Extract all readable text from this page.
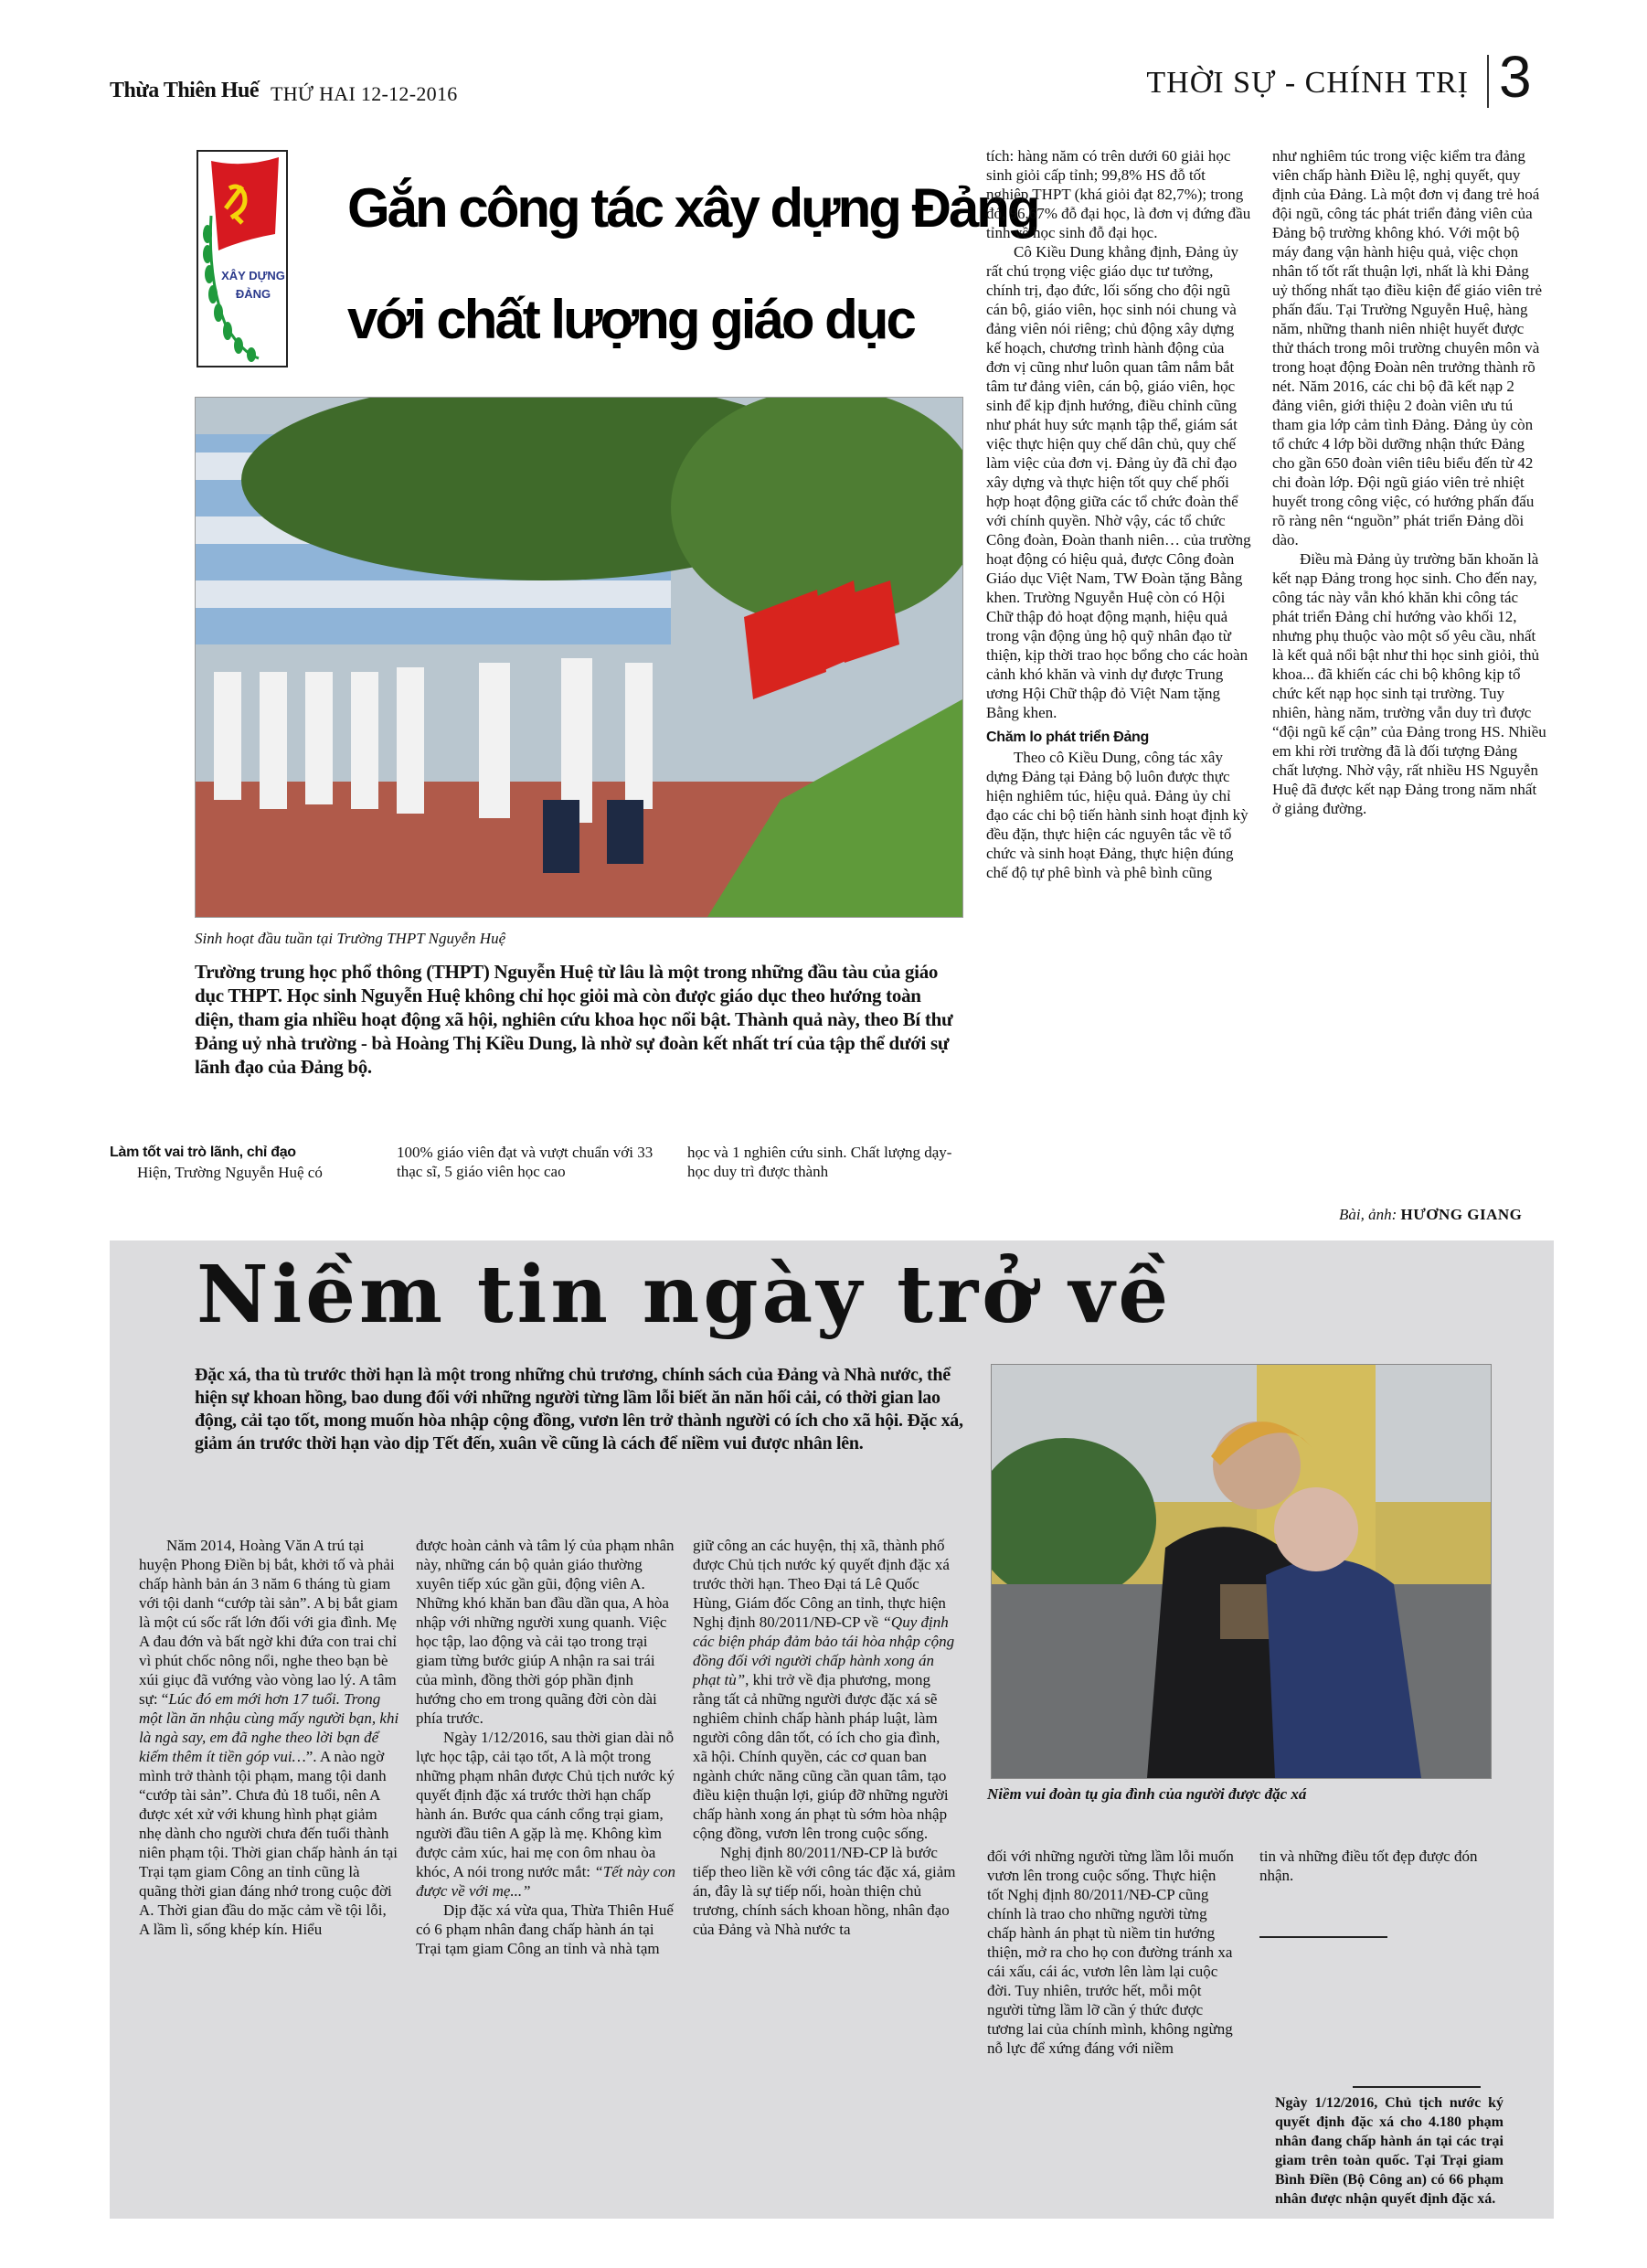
Thừa Thiên Huế THỨ HAI 12-12-2016	THỜI SỰ - CHÍNH TRỊ 3
XÂY DỰNG
ĐẢNG
Gắn công tác xây dựng Đảng
với chất lượng giáo dục
Sinh hoạt đầu tuần tại Trường THPT Nguyễn Huệ
Trường trung học phổ thông (THPT) Nguyễn Huệ từ lâu là một trong những đầu tàu của giáo dục THPT. Học sinh Nguyễn Huệ không chỉ học giỏi mà còn được giáo dục theo hướng toàn diện, tham gia nhiều hoạt động xã hội, nghiên cứu khoa học nổi bật. Thành quả này, theo Bí thư Đảng uỷ nhà trường - bà Hoàng Thị Kiều Dung, là nhờ sự đoàn kết nhất trí của tập thể dưới sự lãnh đạo của Đảng bộ.
Làm tốt vai trò lãnh, chỉ đạo

Hiện, Trường Nguyễn Huệ có

100% giáo viên đạt và vượt chuẩn với 33 thạc sĩ, 5 giáo viên học cao

học và 1 nghiên cứu sinh. Chất lượng dạy- học duy trì được thành

tích: hàng năm có trên dưới 60 giải học sinh giỏi cấp tỉnh; 99,8% HS đỗ tốt nghiệp THPT (khá giỏi đạt 82,7%); trong đó, 96,67% đỗ đại học, là đơn vị đứng đầu tỉnh về học sinh đỗ đại học.

Cô Kiều Dung khẳng định, Đảng ủy rất chú trọng việc giáo dục tư tưởng, chính trị, đạo đức, lối sống cho đội ngũ cán bộ, giáo viên, học sinh nói chung và đảng viên nói riêng; chủ động xây dựng kế hoạch, chương trình hành động của đơn vị cũng như luôn quan tâm nắm bắt tâm tư đảng viên, cán bộ, giáo viên, học sinh để kịp định hướng, điều chỉnh cũng như phát huy sức mạnh tập thể, giám sát việc thực hiện quy chế dân chủ, quy chế làm việc của đơn vị. Đảng ủy đã chỉ đạo xây dựng và thực hiện tốt quy chế phối hợp hoạt động giữa các tổ chức đoàn thể với chính quyền. Nhờ vậy, các tổ chức Công đoàn, Đoàn thanh niên… của trường hoạt động có hiệu quả, được Công đoàn Giáo dục Việt Nam, TW Đoàn tặng Bằng khen. Trường Nguyễn Huệ còn có Hội Chữ thập đỏ hoạt động mạnh, hiệu quả trong vận động ủng hộ quỹ nhân đạo từ thiện, kịp thời trao học bổng cho các hoàn cảnh khó khăn và vinh dự được Trung ương Hội Chữ thập đỏ Việt Nam tặng Bằng khen.

Chăm lo phát triển Đảng

Theo cô Kiều Dung, công tác xây dựng Đảng tại Đảng bộ luôn được thực hiện nghiêm túc, hiệu quả. Đảng ủy chỉ đạo các chi bộ tiến hành sinh hoạt định kỳ đều đặn, thực hiện các nguyên tắc về tổ chức và sinh hoạt Đảng, thực hiện đúng chế độ tự phê bình và phê bình cũng

như nghiêm túc trong việc kiểm tra đảng viên chấp hành Điều lệ, nghị quyết, quy định của Đảng. Là một đơn vị đang trẻ hoá đội ngũ, công tác phát triển đảng viên của Đảng bộ trường không khó. Với một bộ máy đang vận hành hiệu quả, việc chọn nhân tố tốt rất thuận lợi, nhất là khi Đảng uỷ thống nhất tạo điều kiện để giáo viên trẻ phấn đấu. Tại Trường Nguyễn Huệ, hàng năm, những thanh niên nhiệt huyết được thử thách trong môi trường chuyên môn và trong hoạt động Đoàn nên trưởng thành rõ nét. Năm 2016, các chi bộ đã kết nạp 2 đảng viên, giới thiệu 2 đoàn viên ưu tú tham gia lớp cảm tình Đảng. Đảng ủy còn tổ chức 4 lớp bồi dưỡng nhận thức Đảng cho gần 650 đoàn viên tiêu biểu đến từ 42 chi đoàn lớp. Đội ngũ giáo viên trẻ nhiệt huyết trong công việc, có hướng phấn đấu rõ ràng nên “nguồn” phát triển Đảng dồi dào.

Điều mà Đảng ủy trường băn khoăn là kết nạp Đảng trong học sinh. Cho đến nay, công tác này vẫn khó khăn khi công tác phát triển Đảng chỉ hướng vào khối 12, nhưng phụ thuộc vào một số yêu cầu, nhất là kết quả nổi bật như thi học sinh giỏi, thủ khoa... đã khiến các chi bộ không kịp tổ chức kết nạp học sinh tại trường. Tuy nhiên, hàng năm, trường vẫn duy trì được “đội ngũ kế cận” của Đảng trong HS. Nhiều em khi rời trường đã là đối tượng Đảng chất lượng. Nhờ vậy, rất nhiều HS Nguyễn Huệ đã được kết nạp Đảng trong năm nhất ở giảng đường.

Bài, ảnh: HƯƠNG GIANG
Niềm tin ngày trở về
Đặc xá, tha tù trước thời hạn là một trong những chủ trương, chính sách của Đảng và Nhà nước, thể hiện sự khoan hồng, bao dung đối với những người từng lầm lỗi biết ăn năn hối cải, có thời gian lao động, cải tạo tốt, mong muốn hòa nhập cộng đồng, vươn lên trở thành người có ích cho xã hội. Đặc xá, giảm án trước thời hạn vào dịp Tết đến, xuân về cũng là cách để niềm vui được nhân lên.
Niềm vui đoàn tụ gia đình của người được đặc xá

Năm 2014, Hoàng Văn A trú tại huyện Phong Điền bị bắt, khởi tố và phải chấp hành bản án 3 năm 6 tháng tù giam với tội danh “cướp tài sản”. A bị bắt giam là một cú sốc rất lớn đối với gia đình. Mẹ A đau đớn và bất ngờ khi đứa con trai chỉ vì phút chốc nông nổi, nghe theo bạn bè xúi giục đã vướng vào vòng lao lý. A tâm sự: “Lúc đó em mới hơn 17 tuổi. Trong một lần ăn nhậu cùng mấy người bạn, khi là ngà say, em đã nghe theo lời bạn để kiếm thêm ít tiền góp vui…”. A nào ngờ mình trở thành tội phạm, mang tội danh “cướp tài sản”. Chưa đủ 18 tuổi, nên A được xét xử với khung hình phạt giảm nhẹ dành cho người chưa đến tuổi thành niên phạm tội. Thời gian chấp hành án tại Trại tạm giam Công an tỉnh cũng là quãng thời gian đáng nhớ trong cuộc đời A. Thời gian đầu do mặc cảm về tội lỗi, A lầm lì, sống khép kín. Hiểu

được hoàn cảnh và tâm lý của phạm nhân này, những cán bộ quản giáo thường xuyên tiếp xúc gần gũi, động viên A. Những khó khăn ban đầu dần qua, A hòa nhập với những người xung quanh. Việc học tập, lao động và cải tạo trong trại giam từng bước giúp A nhận ra sai trái của mình, đồng thời góp phần định hướng cho em trong quãng đời còn dài phía trước.

Ngày 1/12/2016, sau thời gian dài nỗ lực học tập, cải tạo tốt, A là một trong những phạm nhân được Chủ tịch nước ký quyết định đặc xá trước thời hạn chấp hành án. Bước qua cánh cổng trại giam, người đầu tiên A gặp là mẹ. Không kìm được cảm xúc, hai mẹ con ôm nhau òa khóc, A nói trong nước mắt: “Tết này con được về với mẹ...”

Dịp đặc xá vừa qua, Thừa Thiên Huế có 6 phạm nhân đang chấp hành án tại Trại tạm giam Công an tỉnh và nhà tạm

giữ công an các huyện, thị xã, thành phố được Chủ tịch nước ký quyết định đặc xá trước thời hạn. Theo Đại tá Lê Quốc Hùng, Giám đốc Công an tỉnh, thực hiện Nghị định 80/2011/NĐ-CP về “Quy định các biện pháp đảm bảo tái hòa nhập cộng đồng đối với người chấp hành xong án phạt tù”, khi trở về địa phương, mong rằng tất cả những người được đặc xá sẽ nghiêm chỉnh chấp hành pháp luật, làm người công dân tốt, có ích cho gia đình, xã hội. Chính quyền, các cơ quan ban ngành chức năng cũng cần quan tâm, tạo điều kiện thuận lợi, giúp đỡ những người chấp hành xong án phạt tù sớm hòa nhập cộng đồng, vươn lên trong cuộc sống.

Nghị định 80/2011/NĐ-CP là bước tiếp theo liền kề với công tác đặc xá, giảm án, đây là sự tiếp nối, hoàn thiện chủ trương, chính sách khoan hồng, nhân đạo của Đảng và Nhà nước ta

đối với những người từng lầm lỗi muốn vươn lên trong cuộc sống. Thực hiện tốt Nghị định 80/2011/NĐ-CP cũng chính là trao cho những người từng chấp hành án phạt tù niềm tin hướng thiện, mở ra cho họ con đường tránh xa cái xấu, cái ác, vươn lên làm lại cuộc đời. Tuy nhiên, trước hết, mỗi một người từng lầm lỡ cần ý thức được tương lai của chính mình, không ngừng nỗ lực để xứng đáng với niềm

tin và những điều tốt đẹp được đón nhận.

Ngày 1/12/2016, Chủ tịch nước ký quyết định đặc xá cho 4.180 phạm nhân đang chấp hành án tại các trại giam trên toàn quốc. Tại Trại giam Bình Điền (Bộ Công an) có 66 phạm nhân được nhận quyết định đặc xá.
